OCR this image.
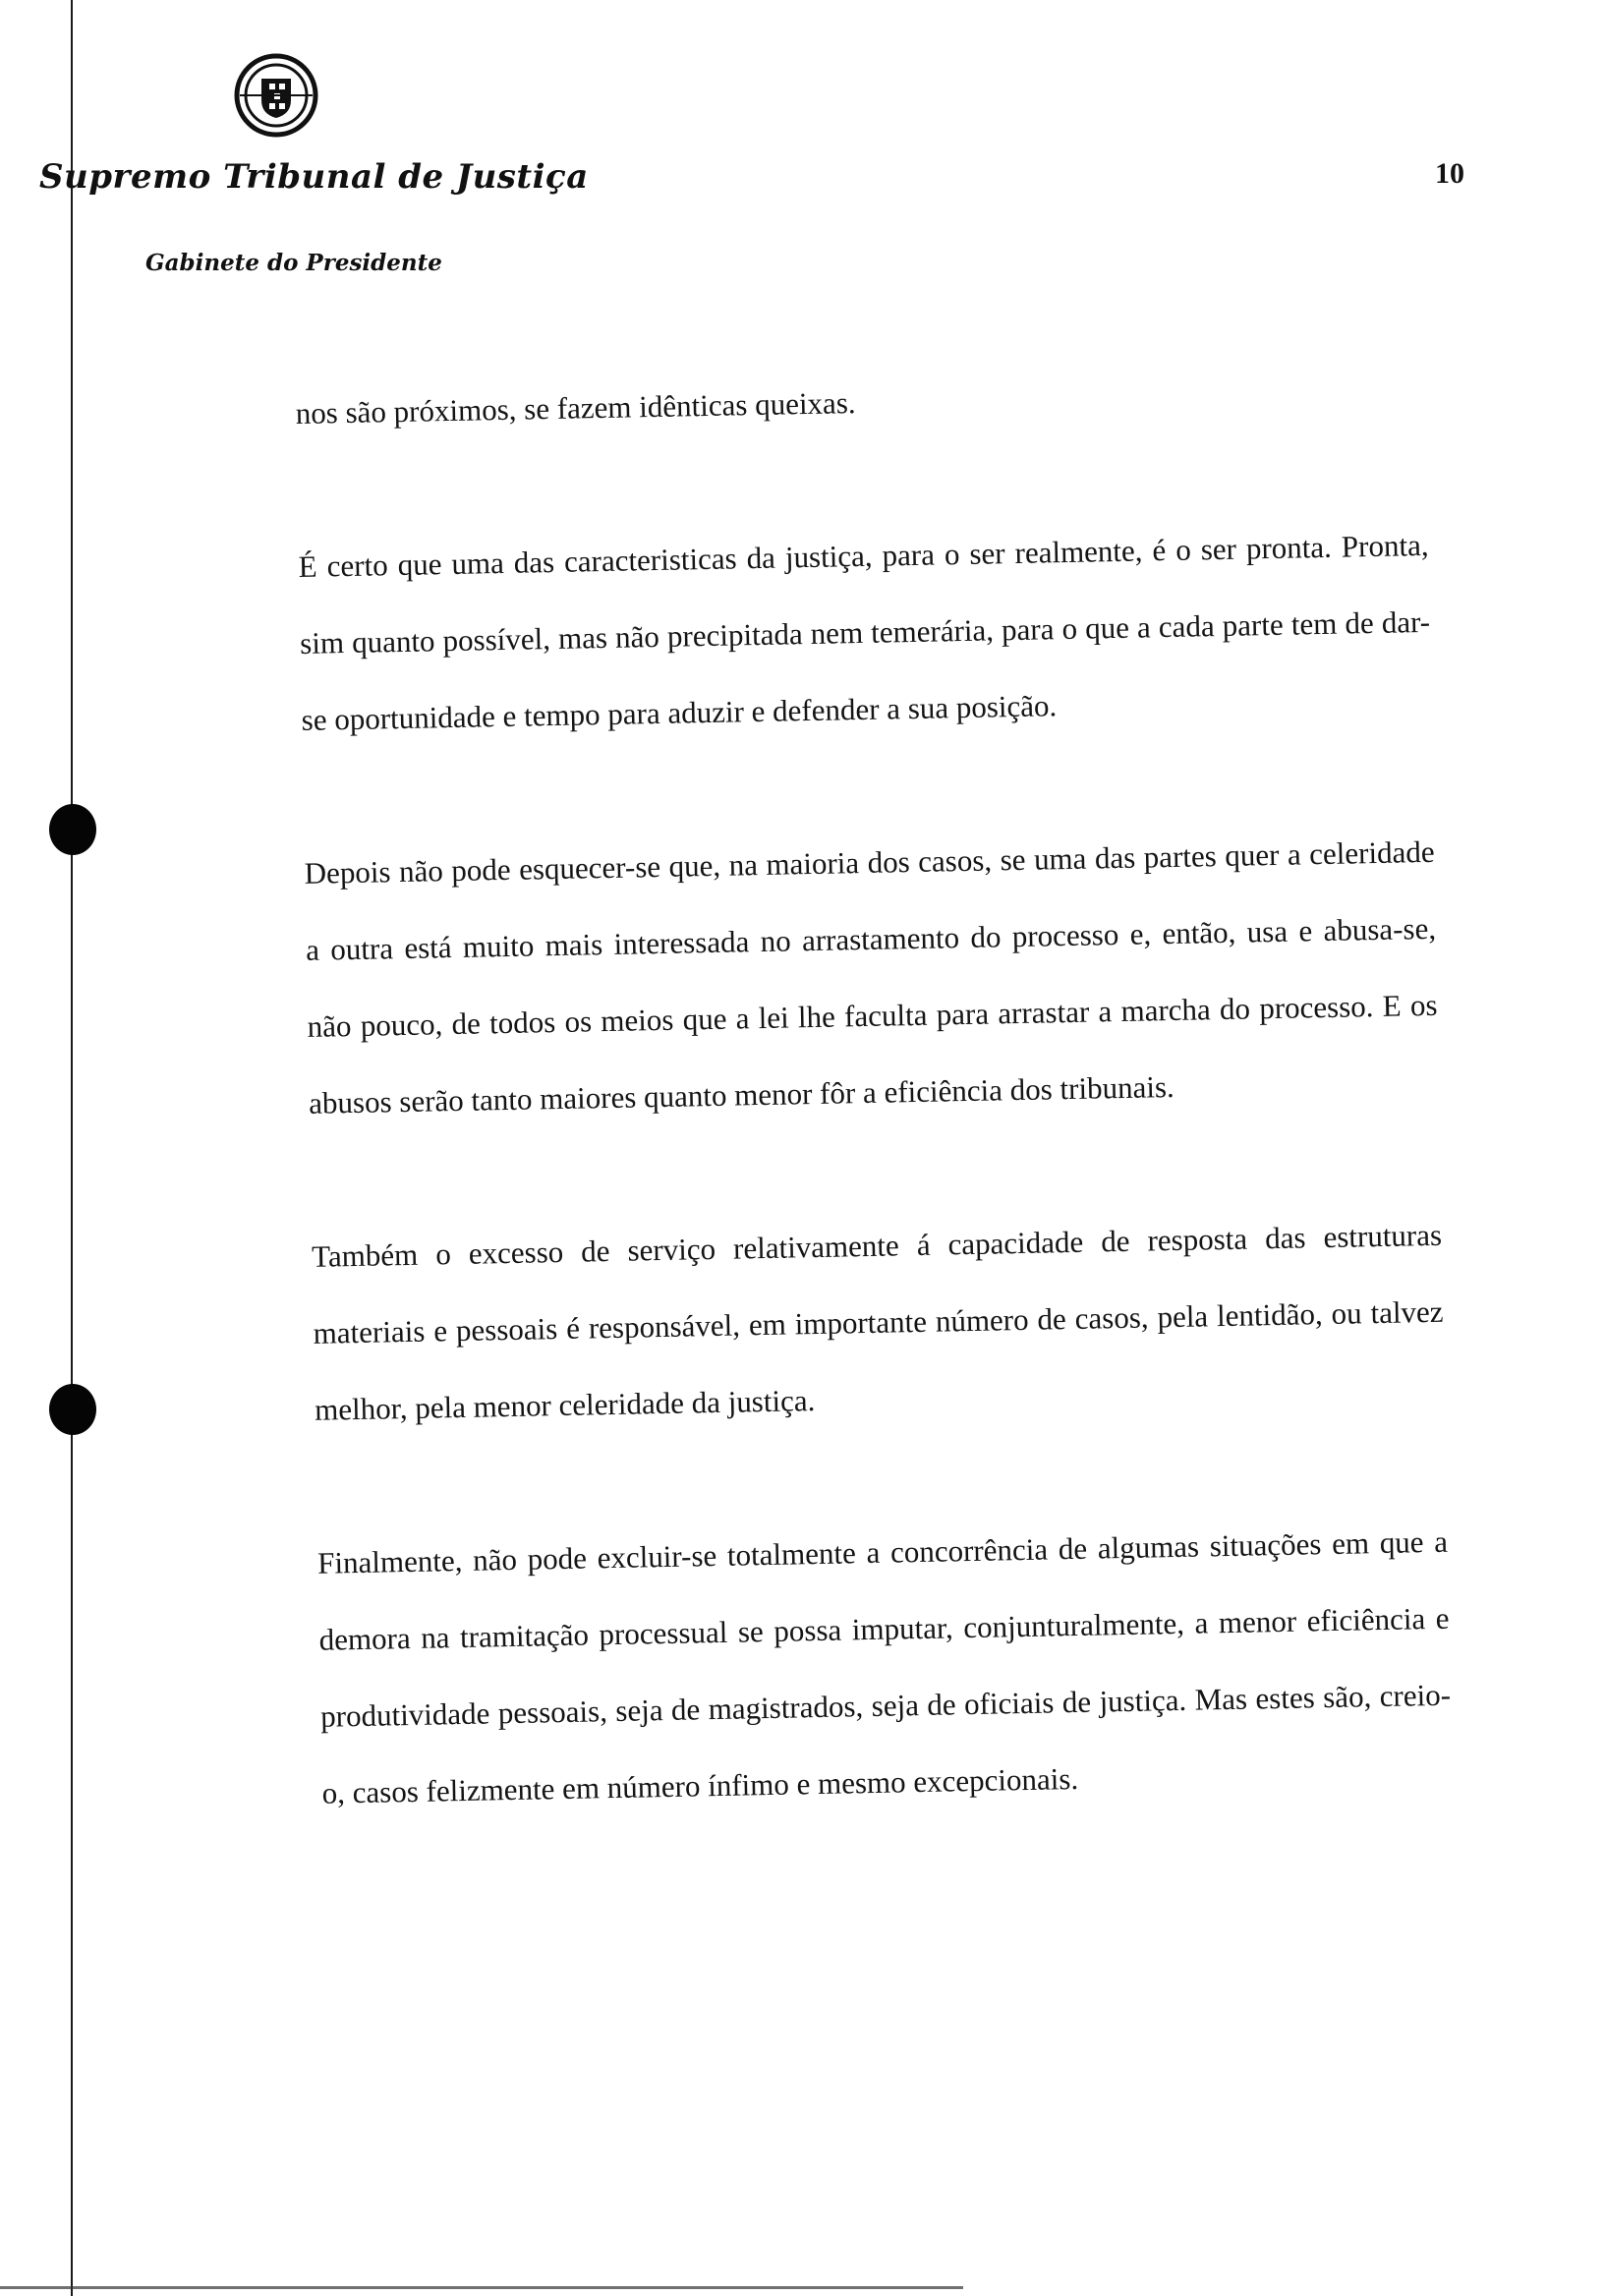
Supremo Tribunal de Justiça
Gabinete do Presidente
10

nos são próximos, se fazem idênticas queixas.

É certo que uma das caracteristicas da justiça, para o ser realmente, é o ser pronta. Pronta, sim quanto possível, mas não precipitada nem temerária, para o que a cada parte tem de dar-se oportunidade e tempo para aduzir e defender a sua posição.

Depois não pode esquecer-se que, na maioria dos casos, se uma das partes quer a celeridade a outra está muito mais interessada no arrastamento do processo e, então, usa e abusa-se, não pouco, de todos os meios que a lei lhe faculta para arrastar a marcha do processo. E os abusos serão tanto maiores quanto menor fôr a eficiência dos tribunais.

Também o excesso de serviço relativamente á capacidade de resposta das estruturas materiais e pessoais é responsável, em importante número de casos, pela lentidão, ou talvez melhor, pela menor celeridade da justiça.

Finalmente, não pode excluir-se totalmente a concorrência de algumas situações em que a demora na tramitação processual se possa imputar, conjunturalmente, a menor eficiência e produtividade pessoais, seja de magistrados, seja de oficiais de justiça. Mas estes são, creio-o, casos felizmente em número ínfimo e mesmo excepcionais.
